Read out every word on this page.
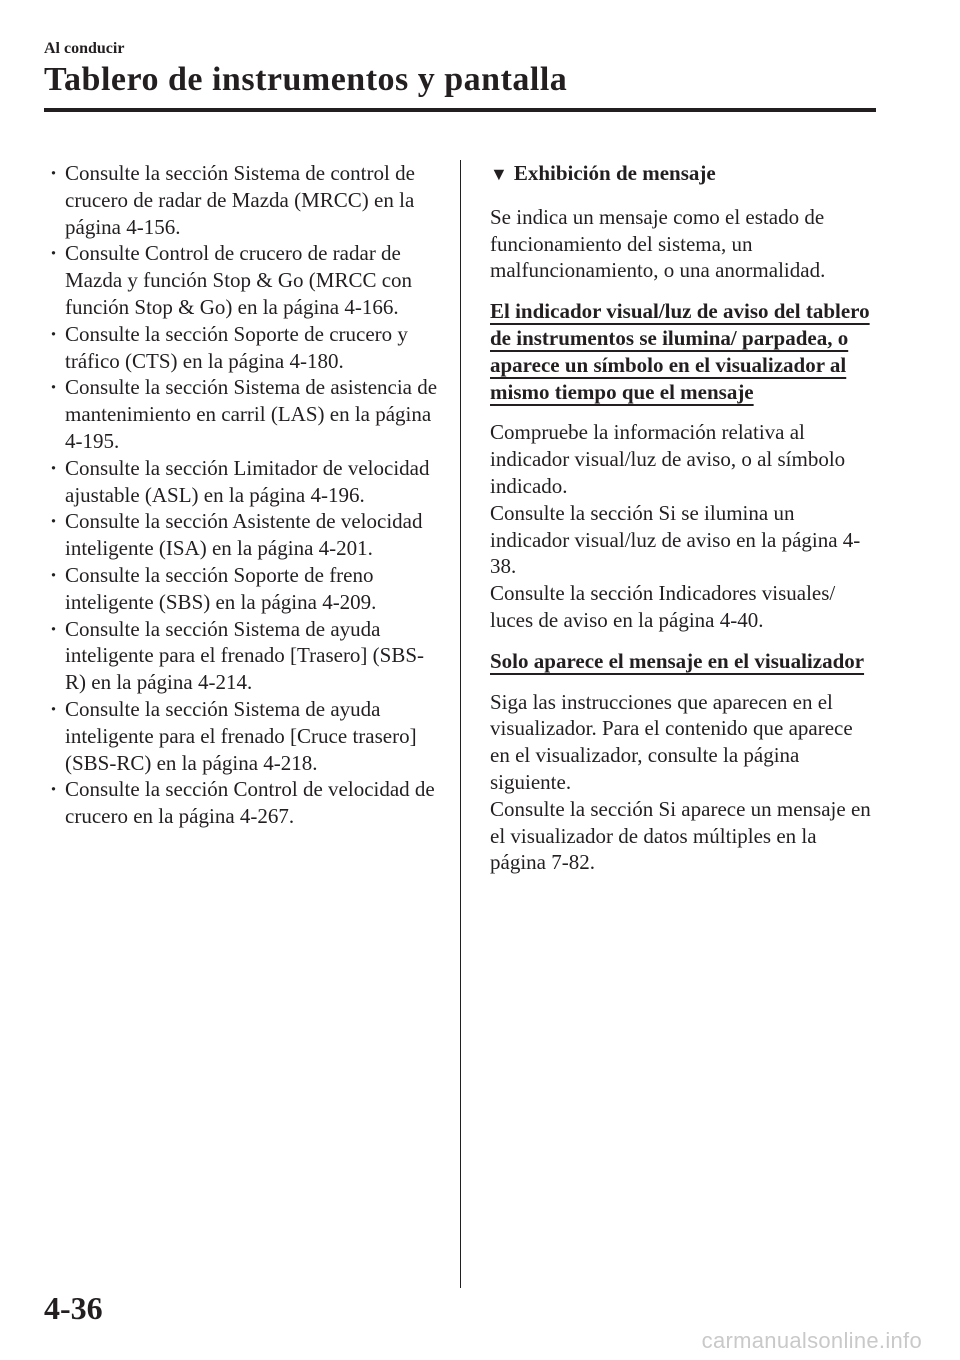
Al conducir

Tablero de instrumentos y pantalla
· Consulte la sección Sistema de control de crucero de radar de Mazda (MRCC) en la página 4-156.
· Consulte Control de crucero de radar de Mazda y función Stop & Go (MRCC con función Stop & Go) en la página 4-166.
· Consulte la sección Soporte de crucero y tráfico (CTS) en la página 4-180.
· Consulte la sección Sistema de asistencia de mantenimiento en carril (LAS) en la página 4-195.
· Consulte la sección Limitador de velocidad ajustable (ASL) en la página 4-196.
· Consulte la sección Asistente de velocidad inteligente (ISA) en la página 4-201.
· Consulte la sección Soporte de freno inteligente (SBS) en la página 4-209.
· Consulte la sección Sistema de ayuda inteligente para el frenado [Trasero] (SBS-R) en la página 4-214.
· Consulte la sección Sistema de ayuda inteligente para el frenado [Cruce trasero] (SBS-RC) en la página 4-218.
· Consulte la sección Control de velocidad de crucero en la página 4-267.
▼ Exhibición de mensaje

Se indica un mensaje como el estado de funcionamiento del sistema, un malfuncionamiento, o una anormalidad.

El indicador visual/luz de aviso del tablero de instrumentos se ilumina/ parpadea, o aparece un símbolo en el visualizador al mismo tiempo que el mensaje

Compruebe la información relativa al indicador visual/luz de aviso, o al símbolo indicado.
Consulte la sección Si se ilumina un indicador visual/luz de aviso en la página 4-38.
Consulte la sección Indicadores visuales/ luces de aviso en la página 4-40.

Solo aparece el mensaje en el visualizador

Siga las instrucciones que aparecen en el visualizador. Para el contenido que aparece en el visualizador, consulte la página siguiente.
Consulte la sección Si aparece un mensaje en el visualizador de datos múltiples en la página 7-82.

4-36

carmanualsonline.info
